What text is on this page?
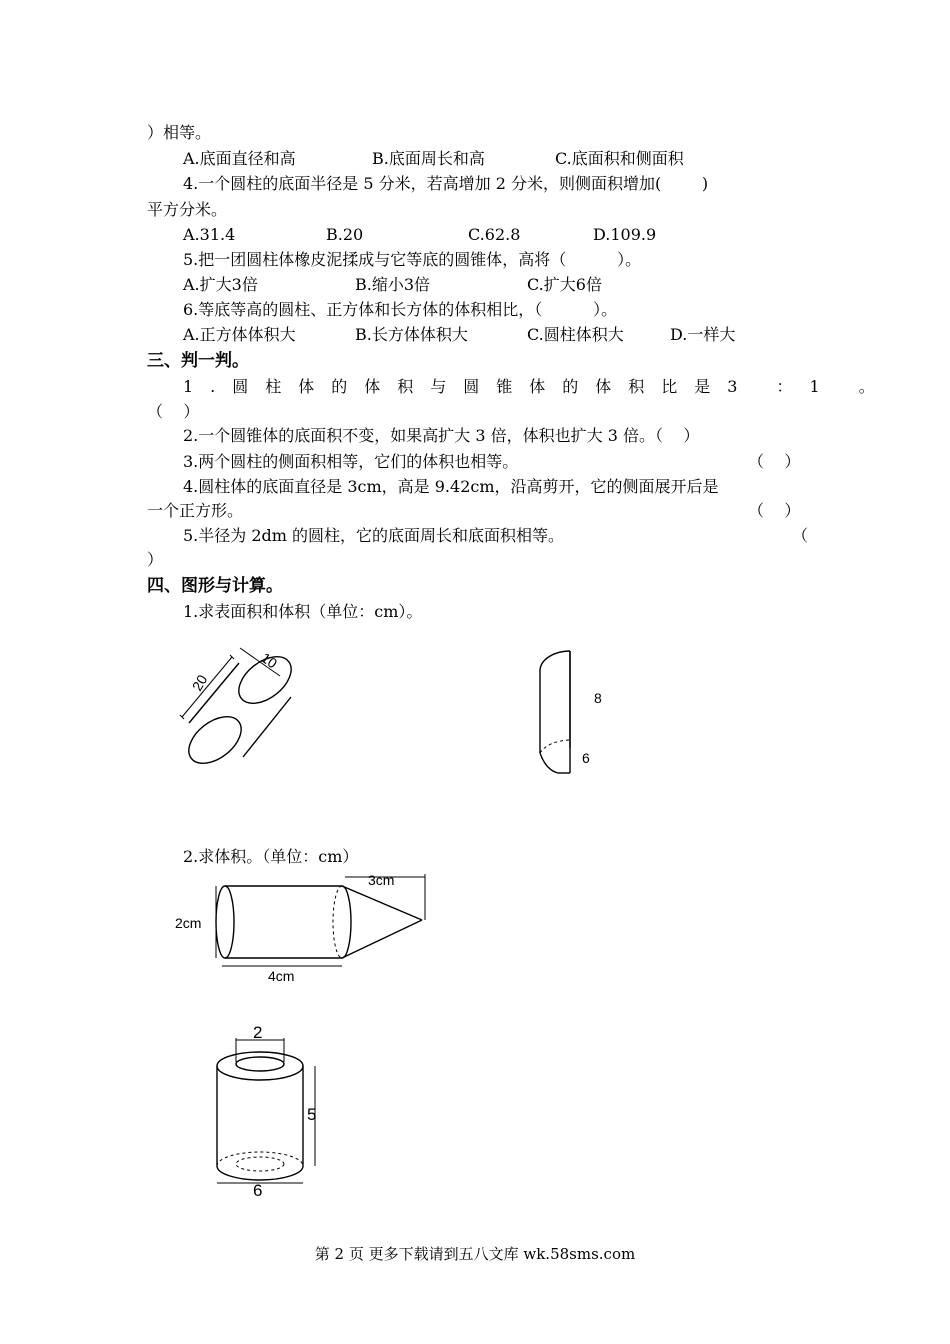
）相等。
A.底面直径和高	B.底面周长和高	C.底面积和侧面积
4.一个圆柱的底面半径是 5 分米，若高增加 2 分米，则侧面积增加(        )
平方分米。
A.31.4	B.20	C.62.8	D.109.9
5.把一团圆柱体橡皮泥揉成与它等底的圆锥体，高将（          ）。
A.扩大3倍	B.缩小3倍	C.扩大6倍
6.等底等高的圆柱、正方体和长方体的体积相比，（          ）。
A.正方体体积大	B.长方体体积大	C.圆柱体积大	D.一样大
三、判一判。
1.圆柱体的体积与圆锥体的体积比是3 ：1 。
（    ）
2.一个圆锥体的底面积不变，如果高扩大 3 倍，体积也扩大 3 倍。（    ）
3.两个圆柱的侧面积相等，它们的体积也相等。	（    ）
4.圆柱体的底面直径是 3cm，高是 9.42cm，沿高剪开，它的侧面展开后是
一个正方形。	（    ）
5.半径为 2dm 的圆柱，它的底面周长和底面积相等。	（
）
四、图形与计算。
1.求表面积和体积（单位：cm）。
20
10
8
6
2.求体积。（单位：cm）
3cm
2cm
4cm
2
5
6
第 2 页 更多下载请到五八文库 wk.58sms.com
